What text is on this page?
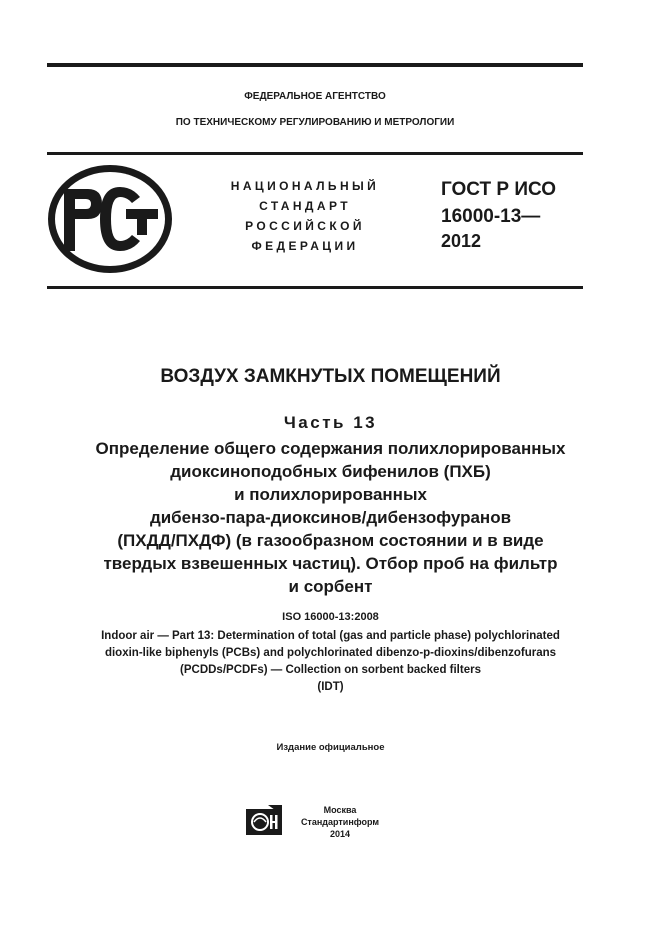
ФЕДЕРАЛЬНОЕ АГЕНТСТВО
ПО ТЕХНИЧЕСКОМУ РЕГУЛИРОВАНИЮ И МЕТРОЛОГИИ
НАЦИОНАЛЬНЫЙ
СТАНДАРТ
РОССИЙСКОЙ
ФЕДЕРАЦИИ
ГОСТ Р ИСО
16000-13—
2012
ВОЗДУХ ЗАМКНУТЫХ ПОМЕЩЕНИЙ
Часть 13
Определение общего содержания полихлорированных
диоксиноподобных бифенилов (ПХБ)
и полихлорированных
дибензо-пара-диоксинов/дибензофуранов
(ПХДД/ПХДФ) (в газообразном состоянии и в виде
твердых взвешенных частиц). Отбор проб на фильтр
и сорбент
ISO 16000-13:2008
Indoor air — Part 13: Determination of total (gas and particle phase) polychlorinated
dioxin-like biphenyls (PCBs) and polychlorinated dibenzo-p-dioxins/dibenzofurans
(PCDDs/PCDFs) — Collection on sorbent backed filters
(IDT)
Издание официальное
Москва
Стандартинформ
2014
